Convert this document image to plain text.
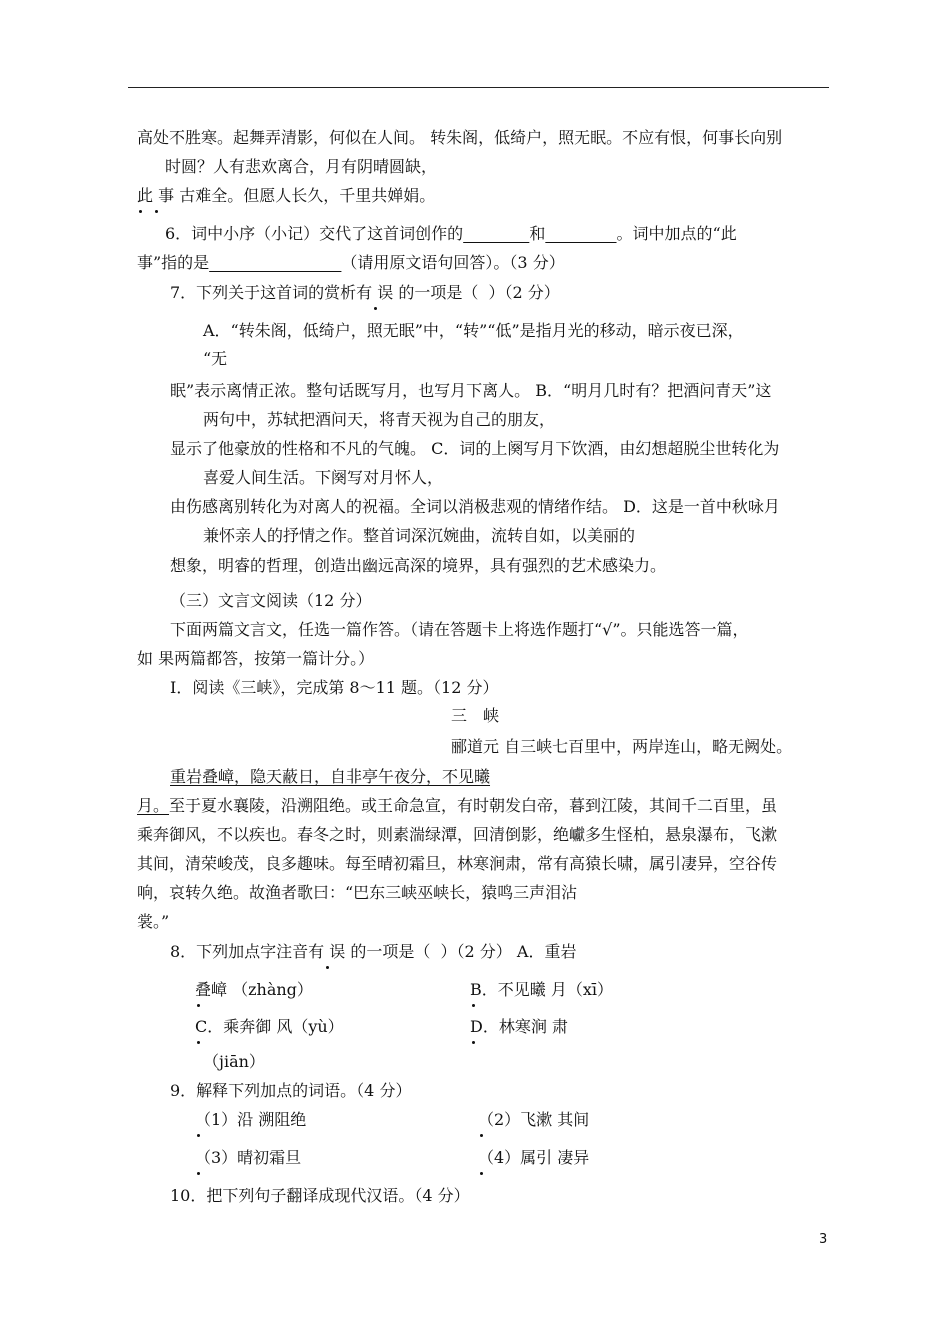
高处不胜寒。起舞弄清影，何似在人间。 转朱阁，低绮户，照无眠。不应有恨，何事长向别
时圆？人有悲欢离合，月有阴晴圆缺，
此 事 古难全。但愿人长久，千里共婵娟。
6．词中小序（小记）交代了这首词创作的	和	。词中加点的“此
事”指的是	（请用原文语句回答）。（3 分）
7．下列关于这首词的赏析有 误 的一项是（  ）（2 分）
A．“转朱阁，低绮户，照无眠”中，“转”“低”是指月光的移动，暗示夜已深，
“无
眠”表示离情正浓。整句话既写月，也写月下离人。 B．“明月几时有？把酒问青天”这
两句中，苏轼把酒问天，将青天视为自己的朋友，
显示了他豪放的性格和不凡的气魄。 C．词的上阕写月下饮酒，由幻想超脱尘世转化为
喜爱人间生活。下阕写对月怀人，
由伤感离别转化为对离人的祝福。全词以消极悲观的情绪作结。 D．这是一首中秋咏月
兼怀亲人的抒情之作。整首词深沉婉曲，流转自如，以美丽的
想象，明睿的哲理，创造出幽远高深的境界，具有强烈的艺术感染力。
（三）文言文阅读（12 分）
下面两篇文言文，任选一篇作答。（请在答题卡上将选作题打“√”。只能选答一篇，
如 果两篇都答，按第一篇计分。）
Ⅰ．阅读《三峡》，完成第 8～11 题。（12 分）
三　峡
郦道元 自三峡七百里中，两岸连山，略无阙处。
重岩叠嶂，隐天蔽日，自非亭午夜分，不见曦
月。至于夏水襄陵，沿溯阻绝。或王命急宣，有时朝发白帝，暮到江陵，其间千二百里，虽
乘奔御风，不以疾也。春冬之时，则素湍绿潭，回清倒影，绝巘多生怪柏，悬泉瀑布，飞漱
其间，清荣峻茂，良多趣味。每至晴初霜旦，林寒涧肃，常有高猿长啸，属引凄异，空谷传
响，哀转久绝。故渔者歌曰：“巴东三峡巫峡长，猿鸣三声泪沾
裳。”
8．下列加点字注音有 误 的一项是（  ）（2 分） A．重岩
叠嶂 （zhàng）	B．不见曦 月（xī）
C．乘奔御 风（yù）	D．林寒涧 肃
（jiān）
9．解释下列加点的词语。（4 分）
（1）沿 溯阻绝	（2）飞漱 其间
（3）晴初霜旦	（4）属引 凄异
10．把下列句子翻译成现代汉语。（4 分）
3
